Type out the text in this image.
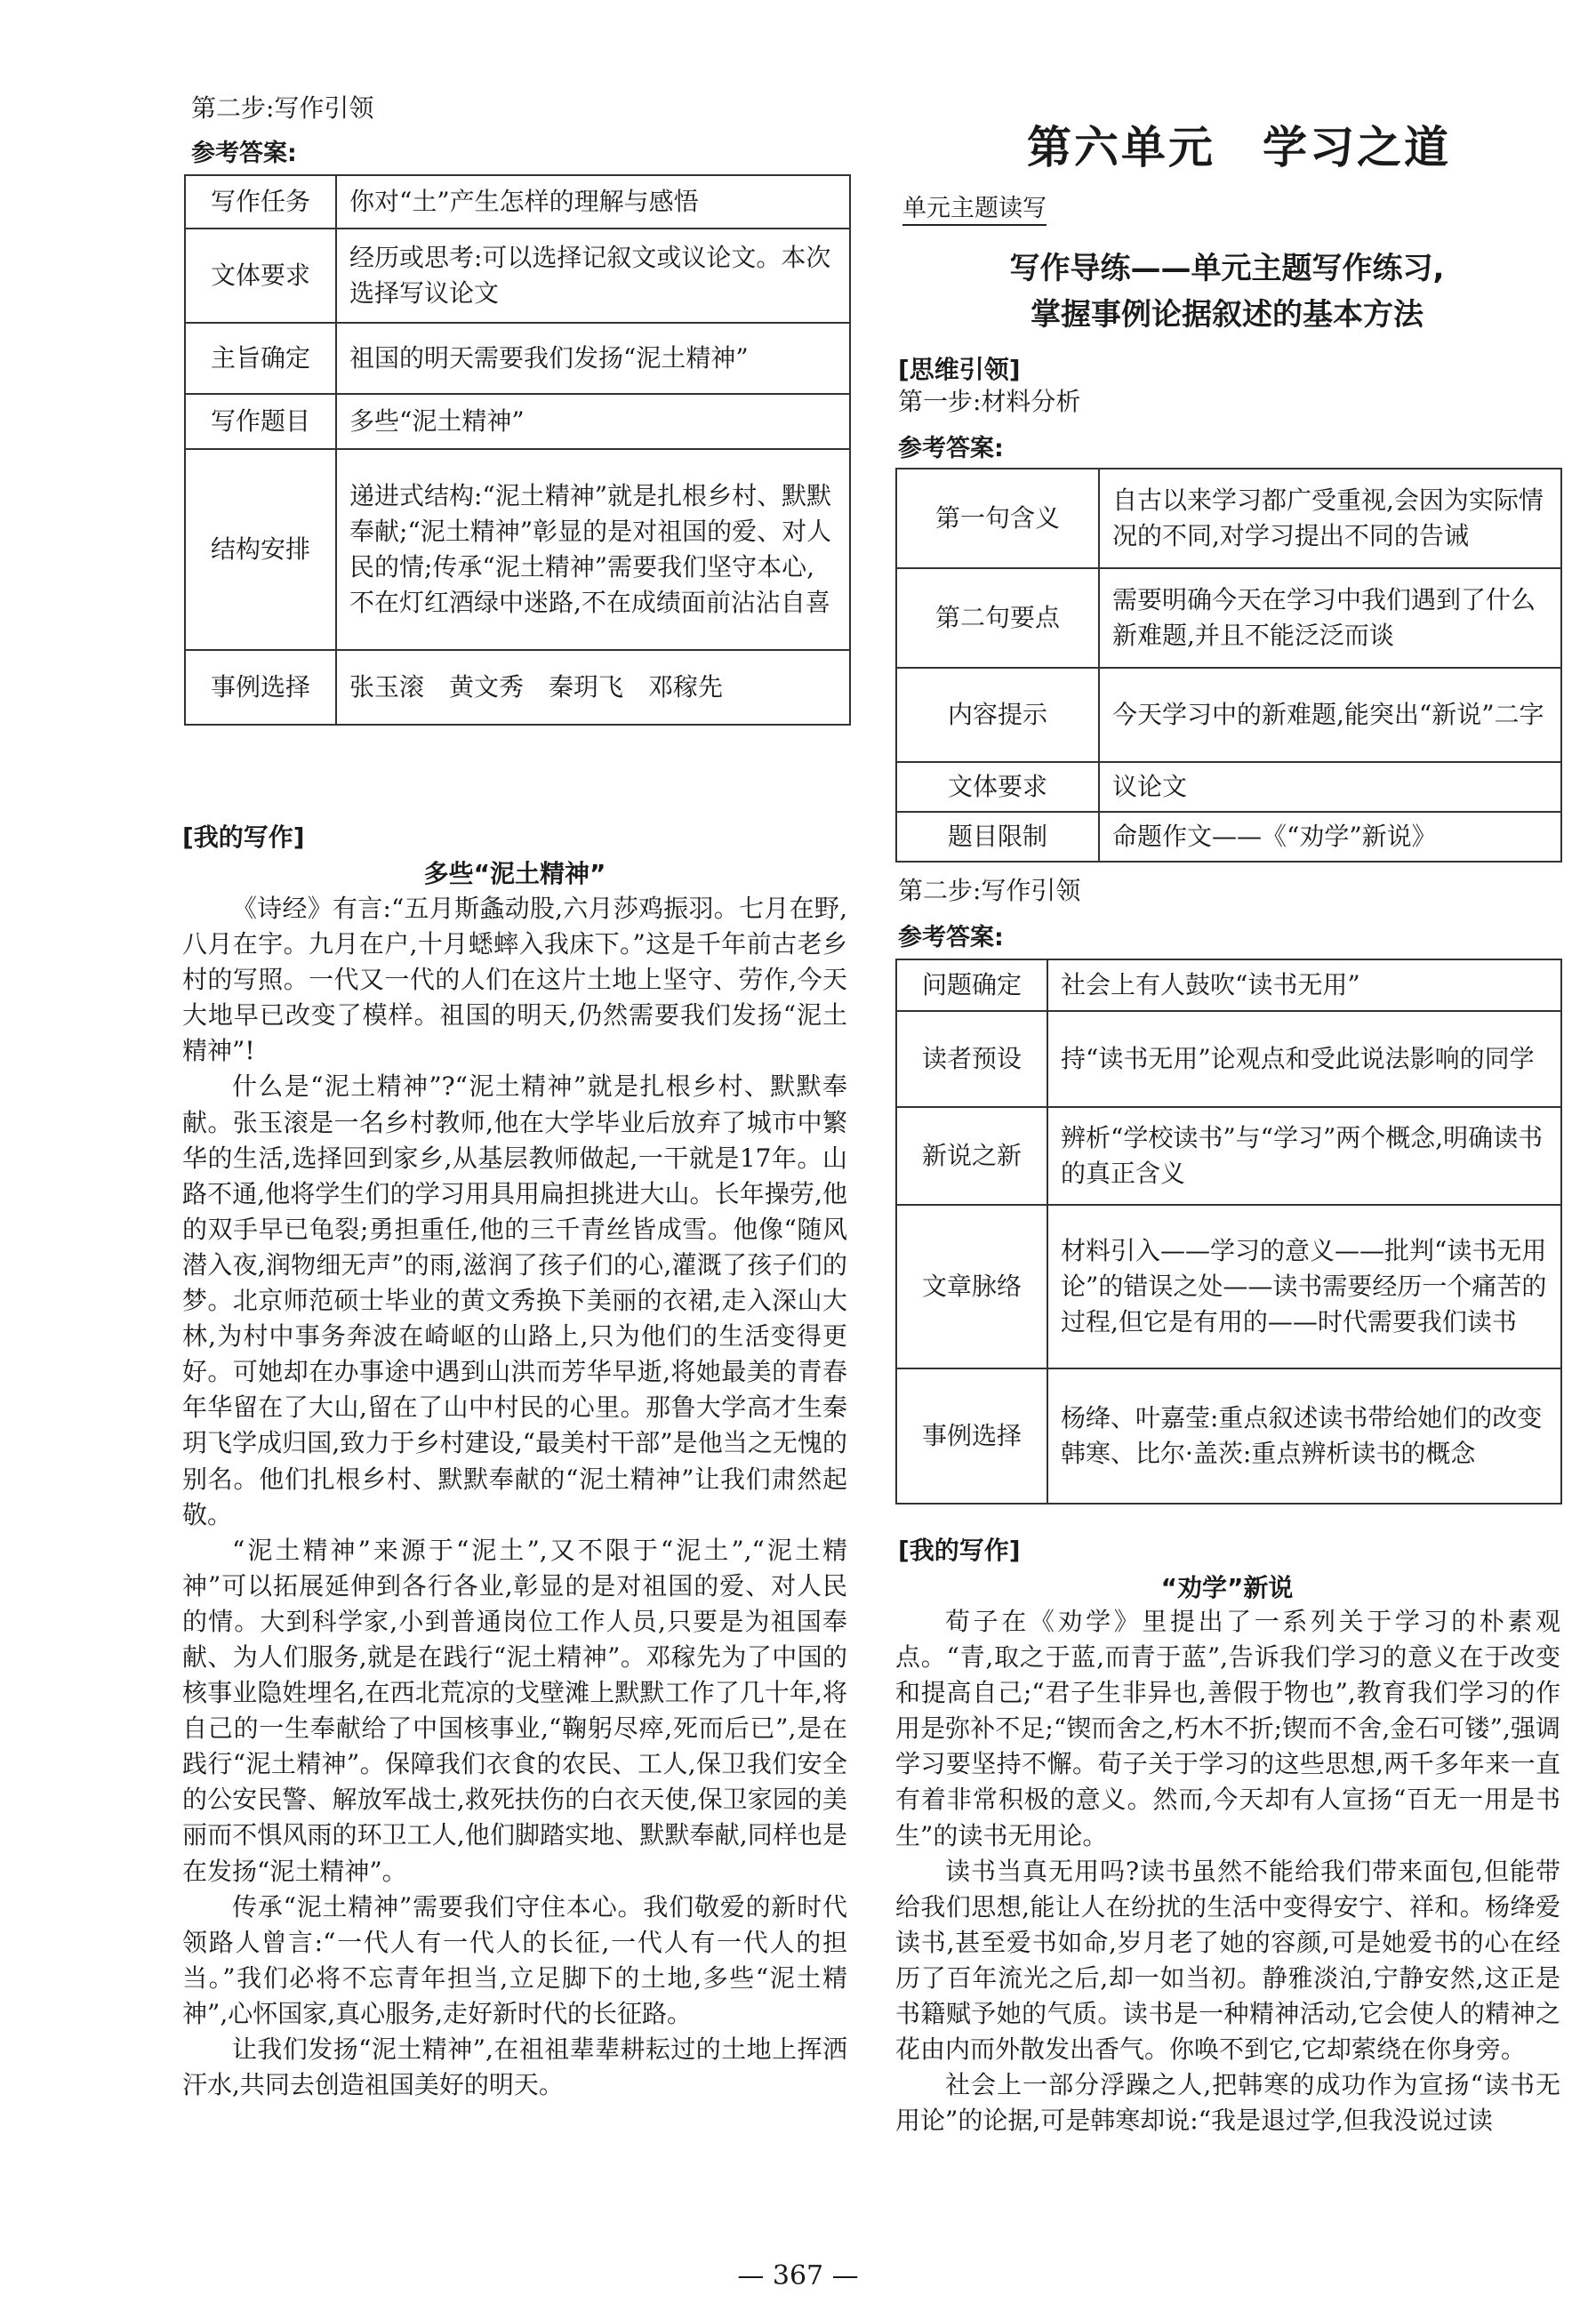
第二步:写作引领
参考答案:
写作任务	你对“土”产生怎样的理解与感悟
文体要求	经历或思考:可以选择记叙文或议论文。本次选择写议论文
主旨确定	祖国的明天需要我们发扬“泥土精神”
写作题目	多些“泥土精神”
结构安排	递进式结构:“泥土精神”就是扎根乡村、默默奉献;“泥土精神”彰显的是对祖国的爱、对人民的情;传承“泥土精神”需要我们坚守本心,不在灯红酒绿中迷路,不在成绩面前沾沾自喜
事例选择	张玉滚　黄文秀　秦玥飞　邓稼先
[我的写作]
多些“泥土精神”

《诗经》有言:“五月斯螽动股,六月莎鸡振羽。七月在野,八月在宇。九月在户,十月蟋蟀入我床下。”这是千年前古老乡村的写照。一代又一代的人们在这片土地上坚守、劳作,今天大地早已改变了模样。祖国的明天,仍然需要我们发扬“泥土精神”!

什么是“泥土精神”?“泥土精神”就是扎根乡村、默默奉献。张玉滚是一名乡村教师,他在大学毕业后放弃了城市中繁华的生活,选择回到家乡,从基层教师做起,一干就是17年。山路不通,他将学生们的学习用具用扁担挑进大山。长年操劳,他的双手早已龟裂;勇担重任,他的三千青丝皆成雪。他像“随风潜入夜,润物细无声”的雨,滋润了孩子们的心,灌溉了孩子们的梦。北京师范硕士毕业的黄文秀换下美丽的衣裙,走入深山大林,为村中事务奔波在崎岖的山路上,只为他们的生活变得更好。可她却在办事途中遇到山洪而芳华早逝,将她最美的青春年华留在了大山,留在了山中村民的心里。那鲁大学高才生秦玥飞学成归国,致力于乡村建设,“最美村干部”是他当之无愧的别名。他们扎根乡村、默默奉献的“泥土精神”让我们肃然起敬。

“泥土精神”来源于“泥土”,又不限于“泥土”,“泥土精神”可以拓展延伸到各行各业,彰显的是对祖国的爱、对人民的情。大到科学家,小到普通岗位工作人员,只要是为祖国奉献、为人们服务,就是在践行“泥土精神”。邓稼先为了中国的核事业隐姓埋名,在西北荒凉的戈壁滩上默默工作了几十年,将自己的一生奉献给了中国核事业,“鞠躬尽瘁,死而后已”,是在践行“泥土精神”。保障我们衣食的农民、工人,保卫我们安全的公安民警、解放军战士,救死扶伤的白衣天使,保卫家园的美丽而不惧风雨的环卫工人,他们脚踏实地、默默奉献,同样也是在发扬“泥土精神”。

传承“泥土精神”需要我们守住本心。我们敬爱的新时代领路人曾言:“一代人有一代人的长征,一代人有一代人的担当。”我们必将不忘青年担当,立足脚下的土地,多些“泥土精神”,心怀国家,真心服务,走好新时代的长征路。

让我们发扬“泥土精神”,在祖祖辈辈耕耘过的土地上挥洒汗水,共同去创造祖国美好的明天。

第六单元　学习之道
单元主题读写
写作导练——单元主题写作练习,
掌握事例论据叙述的基本方法
[思维引领]
第一步:材料分析
参考答案:
第一句含义	自古以来学习都广受重视,会因为实际情况的不同,对学习提出不同的告诫
第二句要点	需要明确今天在学习中我们遇到了什么新难题,并且不能泛泛而谈
内容提示	今天学习中的新难题,能突出“新说”二字
文体要求	议论文
题目限制	命题作文——《“劝学”新说》
第二步:写作引领
参考答案:
问题确定	社会上有人鼓吹“读书无用”
读者预设	持“读书无用”论观点和受此说法影响的同学
新说之新	辨析“学校读书”与“学习”两个概念,明确读书的真正含义
文章脉络	材料引入——学习的意义——批判“读书无用论”的错误之处——读书需要经历一个痛苦的过程,但它是有用的——时代需要我们读书
事例选择	杨绛、叶嘉莹:重点叙述读书带给她们的改变
韩寒、比尔·盖茨:重点辨析读书的概念
[我的写作]
“劝学”新说

荀子在《劝学》里提出了一系列关于学习的朴素观点。“青,取之于蓝,而青于蓝”,告诉我们学习的意义在于改变和提高自己;“君子生非异也,善假于物也”,教育我们学习的作用是弥补不足;“锲而舍之,朽木不折;锲而不舍,金石可镂”,强调学习要坚持不懈。荀子关于学习的这些思想,两千多年来一直有着非常积极的意义。然而,今天却有人宣扬“百无一用是书生”的读书无用论。

读书当真无用吗?读书虽然不能给我们带来面包,但能带给我们思想,能让人在纷扰的生活中变得安宁、祥和。杨绛爱读书,甚至爱书如命,岁月老了她的容颜,可是她爱书的心在经历了百年流光之后,却一如当初。静雅淡泊,宁静安然,这正是书籍赋予她的气质。读书是一种精神活动,它会使人的精神之花由内而外散发出香气。你唤不到它,它却萦绕在你身旁。

社会上一部分浮躁之人,把韩寒的成功作为宣扬“读书无用论”的论据,可是韩寒却说:“我是退过学,但我没说过读

— 367 —
